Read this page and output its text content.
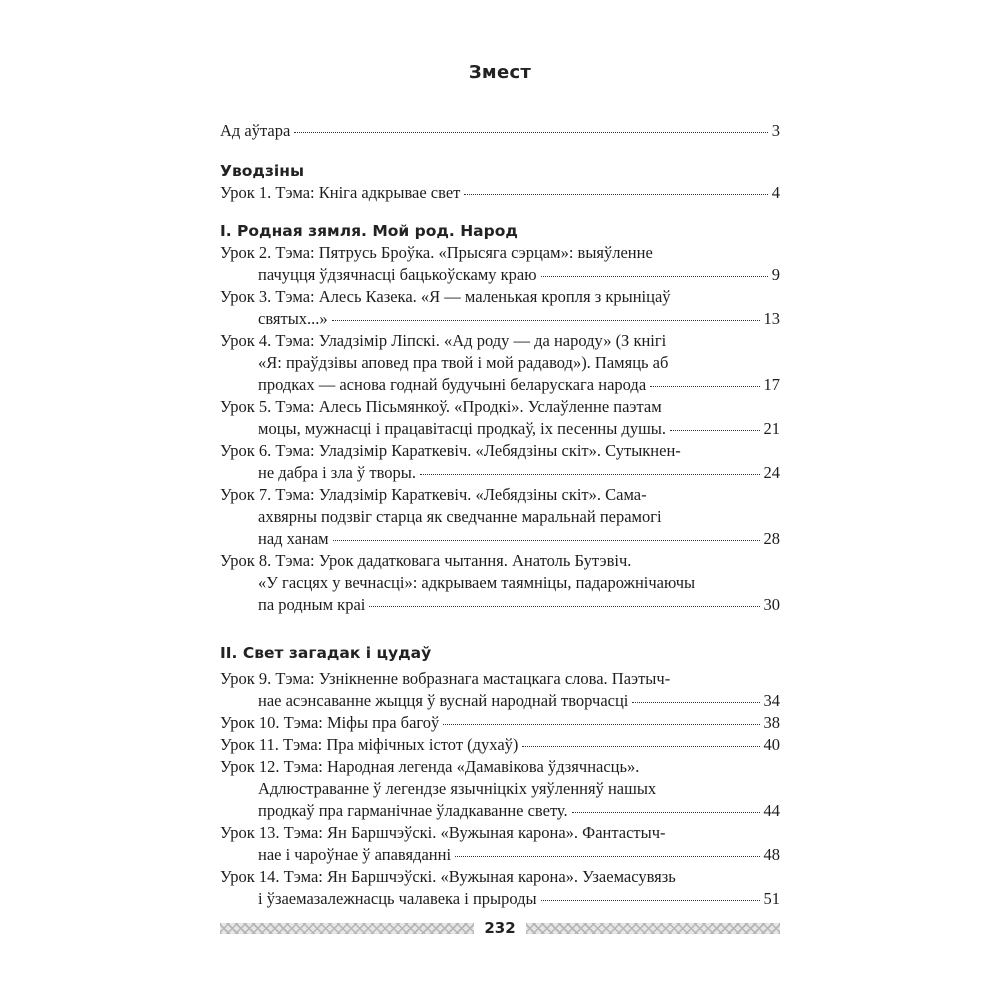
Змест
Ад аўтара	3
Уводзіны
Урок 1. Тэма: Кніга адкрывае свет	4
I. Родная зямля. Мой род. Народ
Урок 2. Тэма: Пятрусь Броўка. «Прысяга сэрцам»: выяўленне
пачуцця ўдзячнасці бацькоўскаму краю	9
Урок 3. Тэма: Алесь Казека. «Я — маленькая кропля з крыніцаў
святых...»	13
Урок 4. Тэма: Уладзімір Ліпскі. «Ад роду — да народу» (З кнігі
«Я: праўдзівы аповед пра твой і мой радавод»). Памяць аб
продках — аснова годнай будучыні беларускага народа	17
Урок 5. Тэма: Алесь Пісьмянкоў. «Продкі». Услаўленне паэтам
моцы, мужнасці і працавітасці продкаў, іх песенны душы.	21
Урок 6. Тэма: Уладзімір Караткевіч. «Лебядзіны скіт». Сутыкнен-
не дабра і зла ў творы.	24
Урок 7. Тэма: Уладзімір Караткевіч. «Лебядзіны скіт». Сама-
ахвярны подзвіг старца як сведчанне маральнай перамогі
над ханам	28
Урок 8. Тэма: Урок дадатковага чытання. Анатоль Бутэвіч.
«У гасцях у вечнасці»: адкрываем таямніцы, падарожнічаючы
па родным краі	30
II. Свет загадак і цудаў
Урок 9. Тэма: Узнікненне вобразнага мастацкага слова. Паэтыч-
нае асэнсаванне жыцця ў вуснай народнай творчасці	34
Урок 10. Тэма: Міфы пра багоў	38
Урок 11. Тэма: Пра міфічных істот (духаў)	40
Урок 12. Тэма: Народная легенда «Дамавікова ўдзячнасць».
Адлюстраванне ў легендзе язычніцкіх уяўленняў нашых
продкаў пра гарманічнае ўладкаванне свету.	44
Урок 13. Тэма: Ян Баршчэўскі. «Вужыная карона». Фантастыч-
нае і чароўнае ў апавяданні	48
Урок 14. Тэма: Ян Баршчэўскі. «Вужыная карона». Узаемасувязь
і ўзаемазалежнасць чалавека і прыроды	51
232
